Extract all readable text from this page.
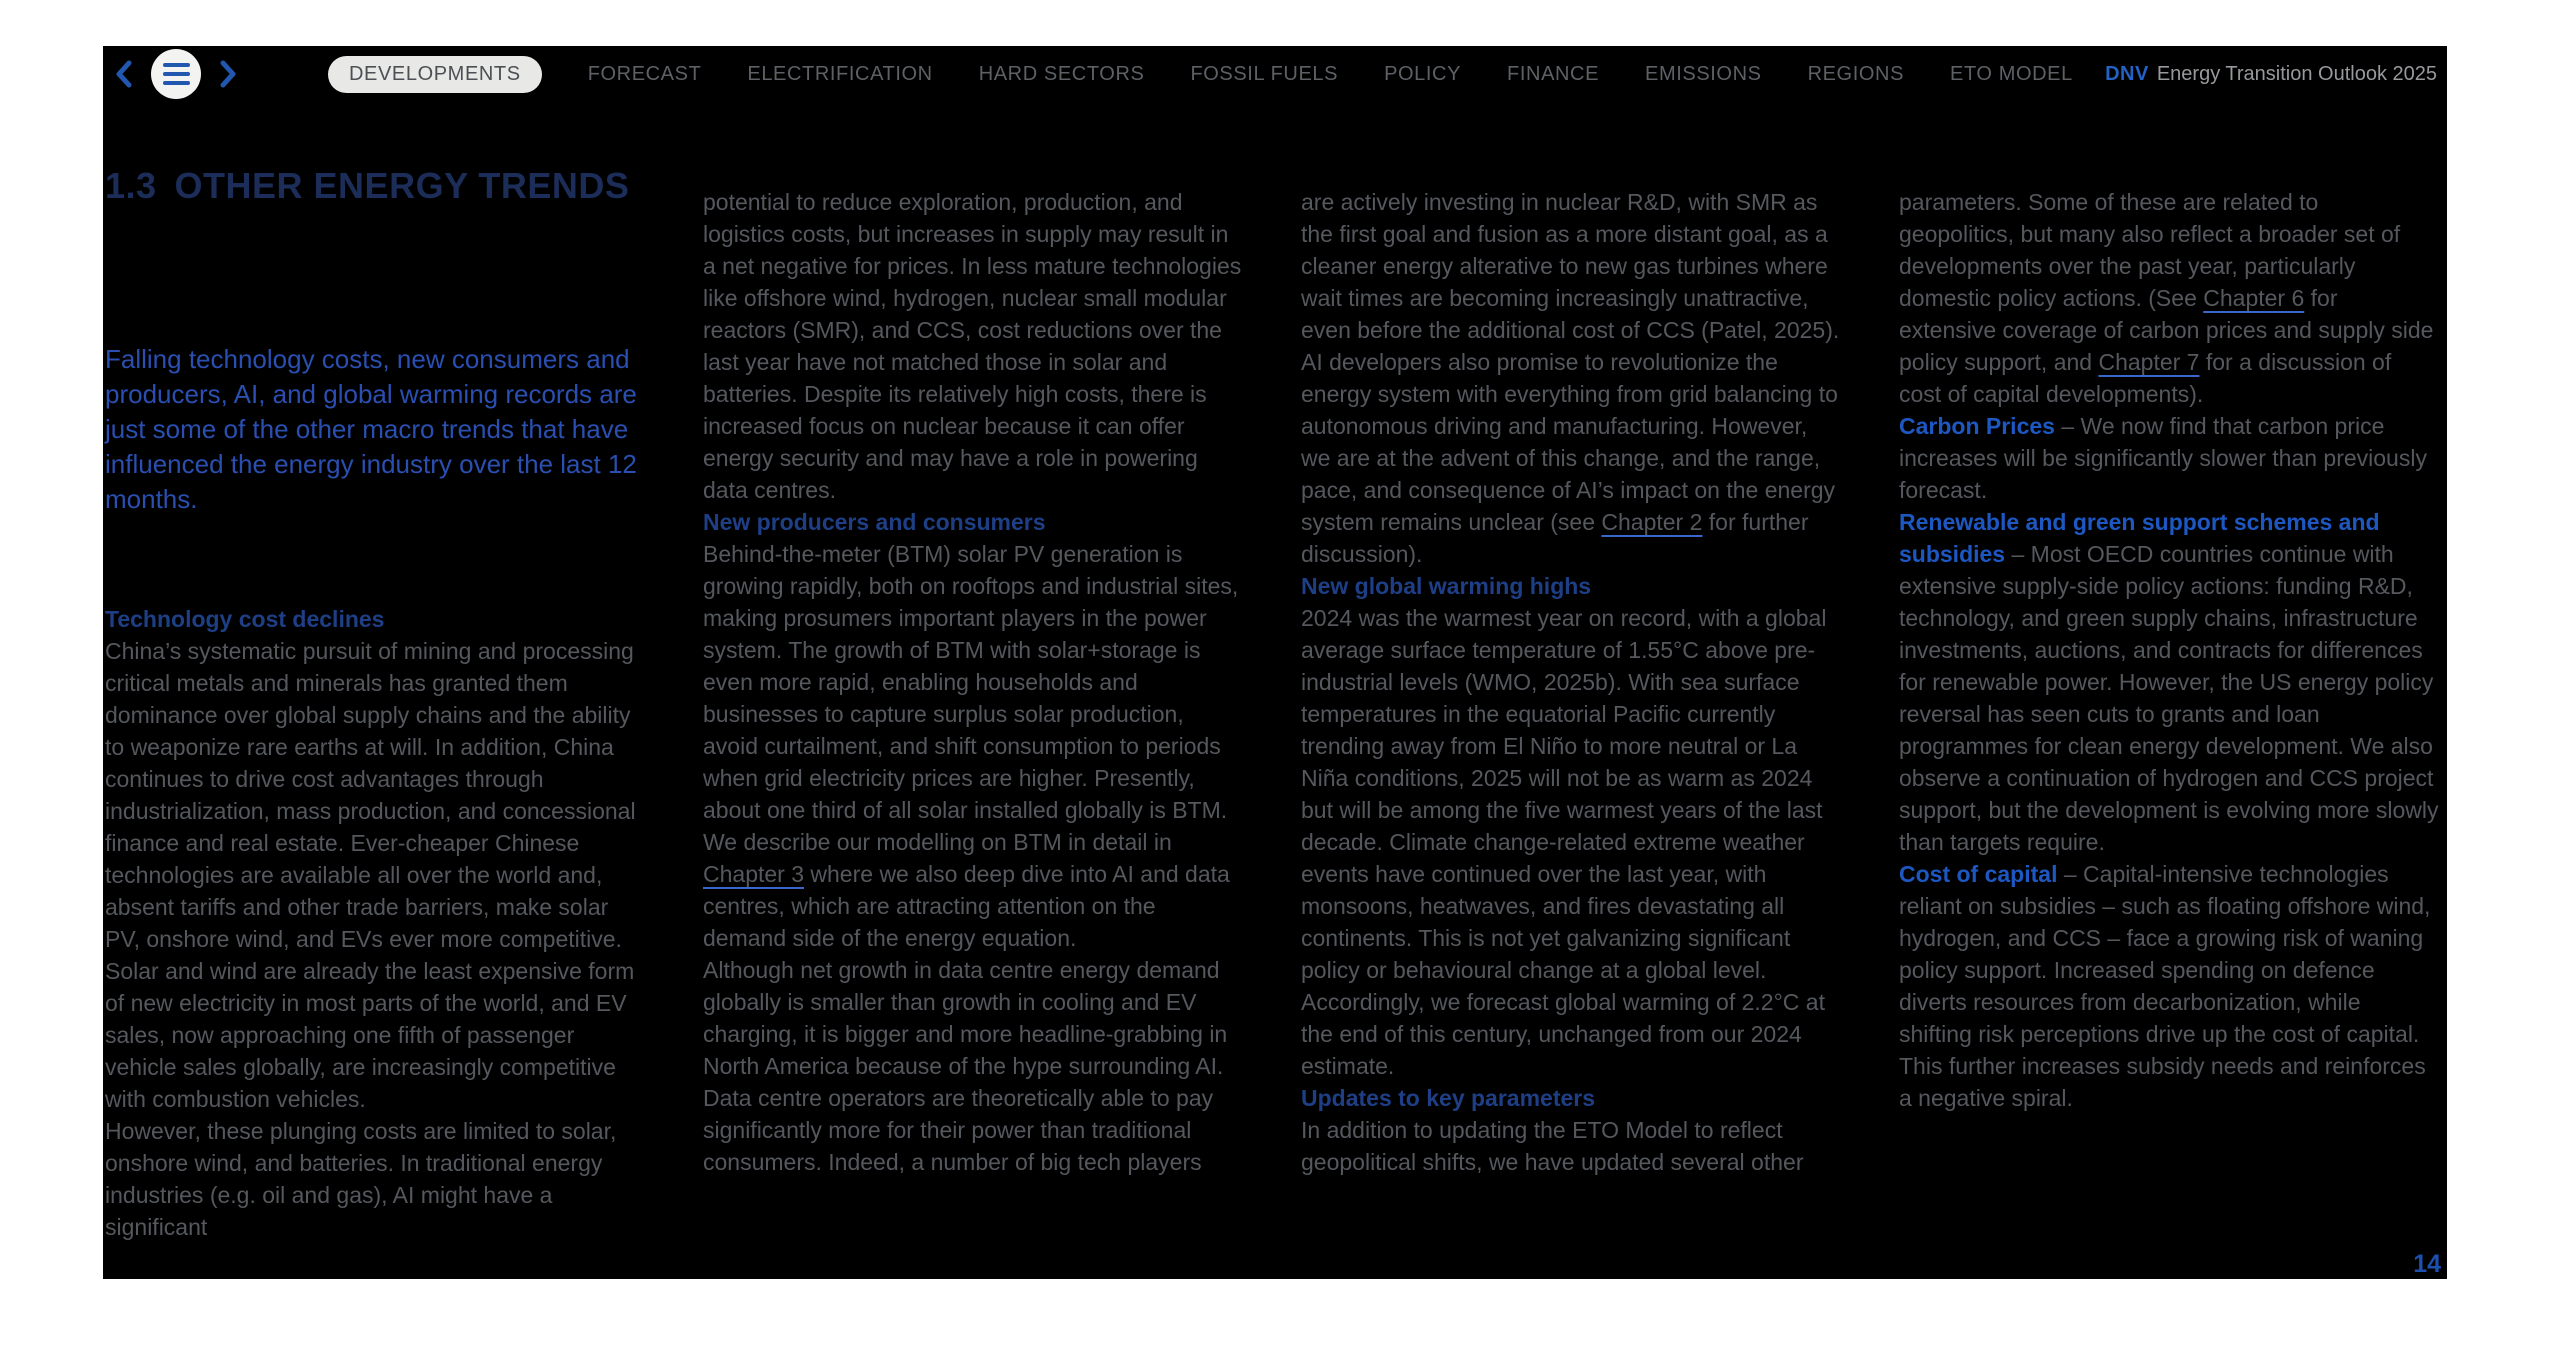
DEVELOPMENTS	FORECAST ELECTRIFICATION HARD SECTORS FOSSIL FUELS POLICY FINANCE EMISSIONS REGIONS ETO MODEL DNV Energy Transition Outlook 2025
1.3 OTHER ENERGY TRENDS

Falling technology costs, new consumers and producers, AI, and global warming records are just some of the other macro trends that have influenced the energy industry over the last 12 months.

Technology cost declines
China’s systematic pursuit of mining and processing critical metals and minerals has granted them dominance over global supply chains and the ability to weaponize rare earths at will. In addition, China continues to drive cost advantages through industrialization, mass production, and concessional finance and real estate. Ever-cheaper Chinese technologies are available all over the world and, absent tariffs and other trade barriers, make solar PV, onshore wind, and EVs ever more competitive. Solar and wind are already the least expensive form of new electricity in most parts of the world, and EV sales, now approaching one fifth of passenger vehicle sales globally, are increasingly competitive with combustion vehicles.

However, these plunging costs are limited to solar, onshore wind, and batteries. In traditional energy industries (e.g. oil and gas), AI might have a significant

potential to reduce exploration, production, and logistics costs, but increases in supply may result in a net negative for prices. In less mature technologies like offshore wind, hydrogen, nuclear small modular reactors (SMR), and CCS, cost reductions over the last year have not matched those in solar and batteries. Despite its relatively high costs, there is increased focus on nuclear because it can offer energy security and may have a role in powering data centres.

New producers and consumers
Behind-the-meter (BTM) solar PV generation is growing rapidly, both on rooftops and industrial sites, making prosumers important players in the power system. The growth of BTM with solar+storage is even more rapid, enabling households and businesses to capture surplus solar production, avoid curtailment, and shift consumption to periods when grid electricity prices are higher. Presently, about one third of all solar installed globally is BTM.

We describe our modelling on BTM in detail in Chapter 3 where we also deep dive into AI and data centres, which are attracting attention on the demand side of the energy equation.

Although net growth in data centre energy demand globally is smaller than growth in cooling and EV charging, it is bigger and more headline-grabbing in North America because of the hype surrounding AI. Data centre operators are theoretically able to pay significantly more for their power than traditional consumers. Indeed, a number of big tech players

are actively investing in nuclear R&D, with SMR as the first goal and fusion as a more distant goal, as a cleaner energy alterative to new gas turbines where wait times are becoming increasingly unattractive, even before the additional cost of CCS (Patel, 2025).

AI developers also promise to revolutionize the energy system with everything from grid balancing to autonomous driving and manufacturing. However, we are at the advent of this change, and the range, pace, and consequence of AI’s impact on the energy system remains unclear (see Chapter 2 for further discussion).

New global warming highs
2024 was the warmest year on record, with a global average surface temperature of 1.55°C above pre-industrial levels (WMO, 2025b). With sea surface temperatures in the equatorial Pacific currently trending away from El Niño to more neutral or La Niña conditions, 2025 will not be as warm as 2024 but will be among the five warmest years of the last decade. Climate change-related extreme weather events have continued over the last year, with monsoons, heatwaves, and fires devastating all continents. This is not yet galvanizing significant policy or behavioural change at a global level. Accordingly, we forecast global warming of 2.2°C at the end of this century, unchanged from our 2024 estimate.

Updates to key parameters
In addition to updating the ETO Model to reflect geopolitical shifts, we have updated several other

parameters. Some of these are related to geopolitics, but many also reflect a broader set of developments over the past year, particularly domestic policy actions. (See Chapter 6 for extensive coverage of carbon prices and supply side policy support, and Chapter 7 for a discussion of cost of capital developments).

Carbon Prices – We now find that carbon price increases will be significantly slower than previously forecast.

Renewable and green support schemes and subsidies – Most OECD countries continue with extensive supply-side policy actions: funding R&D, technology, and green supply chains, infrastructure investments, auctions, and contracts for differences for renewable power. However, the US energy policy reversal has seen cuts to grants and loan programmes for clean energy development. We also observe a continuation of hydrogen and CCS project support, but the development is evolving more slowly than targets require.

Cost of capital – Capital-intensive technologies reliant on subsidies – such as floating offshore wind, hydrogen, and CCS – face a growing risk of waning policy support. Increased spending on defence diverts resources from decarbonization, while shifting risk perceptions drive up the cost of capital. This further increases subsidy needs and reinforces a negative spiral.

14
